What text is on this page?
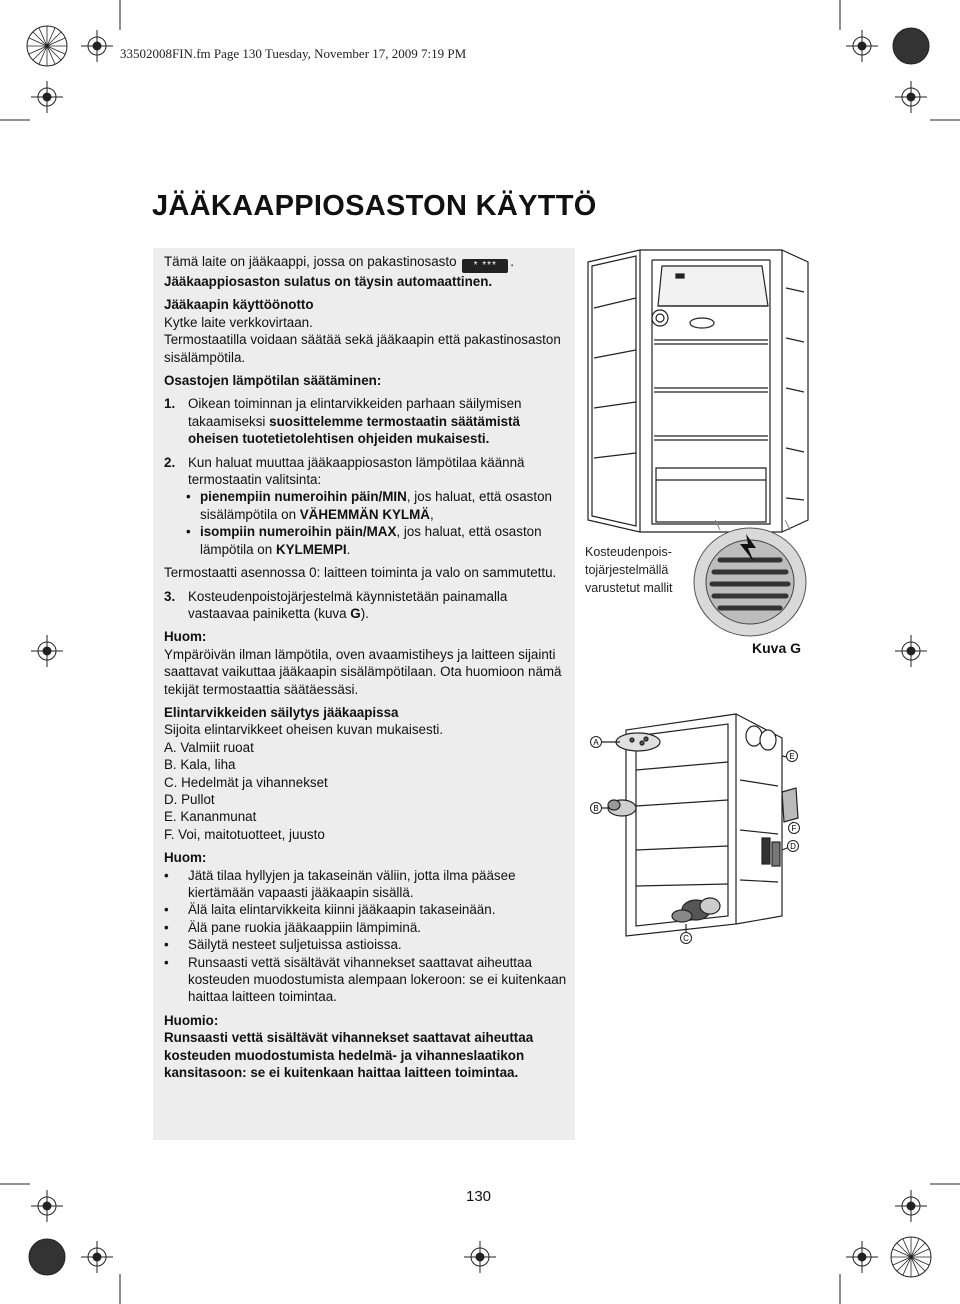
33502008FIN.fm Page 130 Tuesday, November 17, 2009 7:19 PM
JÄÄKAAPPIOSASTON KÄYTTÖ

Tämä laite on jääkaappi, jossa on pakastinosasto * *** .

Jääkaappiosaston sulatus on täysin automaattinen.

Jääkaapin käyttöönotto

Kytke laite verkkovirtaan.

Termostaatilla voidaan säätää sekä jääkaapin että pakastinosaston sisälämpötila.

Osastojen lämpötilan säätäminen:

1. Oikean toiminnan ja elintarvikkeiden parhaan säilymisen takaamiseksi suosittelemme termostaatin säätämistä oheisen tuotetietolehtisen ohjeiden mukaisesti.
2. Kun haluat muuttaa jääkaappiosaston lämpötilaa käännä termostaatin valitsinta:
• pienempiin numeroihin päin/MIN, jos haluat, että osaston sisälämpötila on VÄHEMMÄN KYLMÄ,
• isompiin numeroihin päin/MAX, jos haluat, että osaston lämpötila on KYLMEMPI.

Termostaatti asennossa 0: laitteen toiminta ja valo on sammutettu.

3. Kosteudenpoistojärjestelmä käynnistetään painamalla vastaavaa painiketta (kuva G).

Huom:

Ympäröivän ilman lämpötila, oven avaamistiheys ja laitteen sijainti saattavat vaikuttaa jääkaapin sisälämpötilaan. Ota huomioon nämä tekijät termostaattia säätäessäsi.

Elintarvikkeiden säilytys jääkaapissa

Sijoita elintarvikkeet oheisen kuvan mukaisesti.

A. Valmiit ruoat

B. Kala, liha

C. Hedelmät ja vihannekset

D. Pullot

E. Kananmunat

F. Voi, maitotuotteet, juusto

Huom:

•	Jätä tilaa hyllyjen ja takaseinän väliin, jotta ilma pääsee kiertämään vapaasti jääkaapin sisällä.
•	Älä laita elintarvikkeita kiinni jääkaapin takaseinään.
•	Älä pane ruokia jääkaappiin lämpiminä.
•	Säilytä nesteet suljetuissa astioissa.
•	Runsaasti vettä sisältävät vihannekset saattavat aiheuttaa kosteuden muodostumista alempaan lokeroon: se ei kuitenkaan haittaa laitteen toimintaa.

Huomio:

Runsaasti vettä sisältävät vihannekset saattavat aiheuttaa kosteuden muodostumista hedelmä- ja vihanneslaatikon kansitasoon: se ei kuitenkaan haittaa laitteen toimintaa.

Kosteudenpois-tojärjestelmällä varustetut mallit
Kuva G
A
B
C
D
E
F
130
